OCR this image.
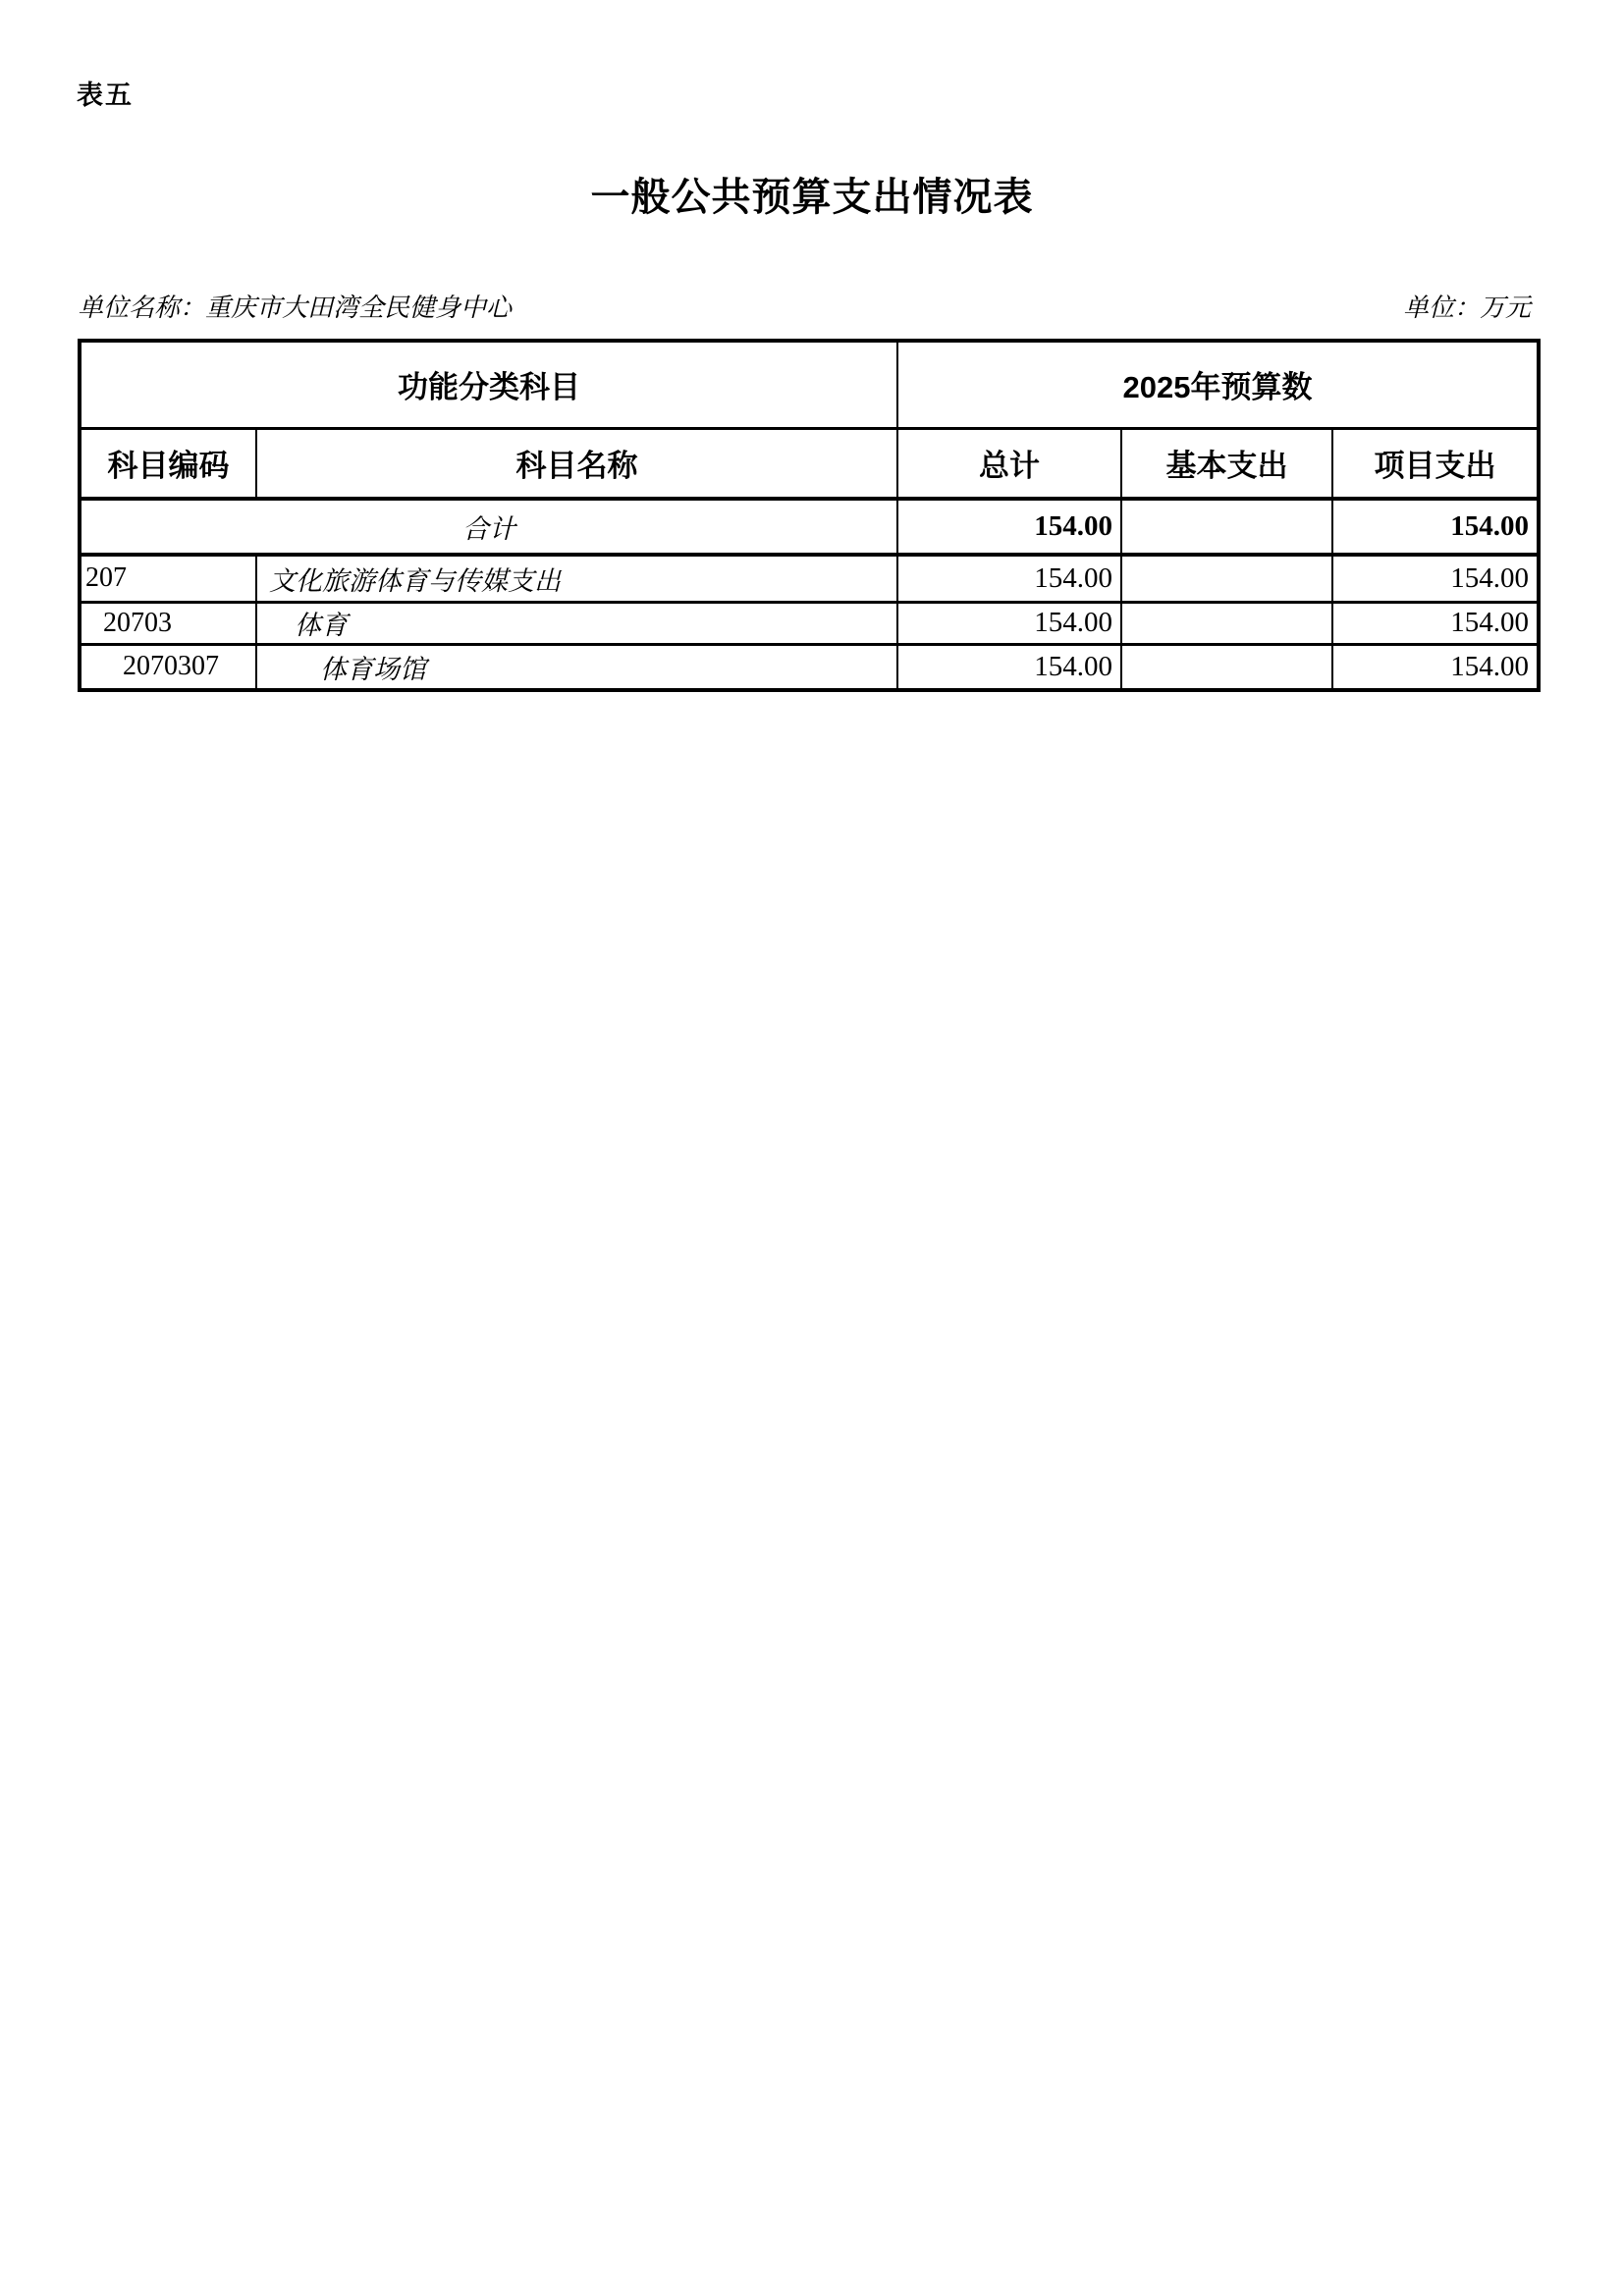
表五
一般公共预算支出情况表
单位名称：重庆市大田湾全民健身中心	单位：万元
功能分类科目		2025年预算数		
科目编码	科目名称	总计	基本支出	项目支出
合计		154.00		154.00
207	文化旅游体育与传媒支出	154.00		154.00
20703	体育	154.00		154.00
2070307	体育场馆	154.00		154.00
